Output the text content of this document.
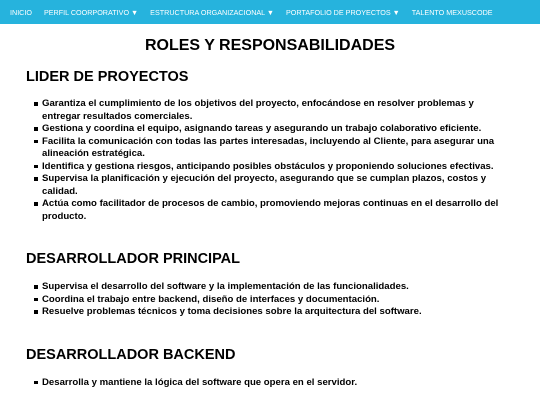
INICIO	PERFIL COORPORATIVO ▼	ESTRUCTURA ORGANIZACIONAL ▼	PORTAFOLIO DE PROYECTOS ▼	TALENTO MEXUSCODE
ROLES Y RESPONSABILIDADES
LIDER DE PROYECTOS
Garantiza el cumplimiento de los objetivos del proyecto, enfocándose en resolver problemas y entregar resultados comerciales.
Gestiona y coordina el equipo, asignando tareas y asegurando un trabajo colaborativo eficiente.
Facilita la comunicación con todas las partes interesadas, incluyendo al Cliente, para asegurar una alineación estratégica.
Identifica y gestiona riesgos, anticipando posibles obstáculos y proponiendo soluciones efectivas.
Supervisa la planificación y ejecución del proyecto, asegurando que se cumplan plazos, costos y calidad.
Actúa como facilitador de procesos de cambio, promoviendo mejoras continuas en el desarrollo del producto.
DESARROLLADOR PRINCIPAL
Supervisa el desarrollo del software y la implementación de las funcionalidades.
Coordina el trabajo entre backend, diseño de interfaces y documentación.
Resuelve problemas técnicos y toma decisiones sobre la arquitectura del software.
DESARROLLADOR BACKEND
Desarrolla y mantiene la lógica del software que opera en el servidor.
